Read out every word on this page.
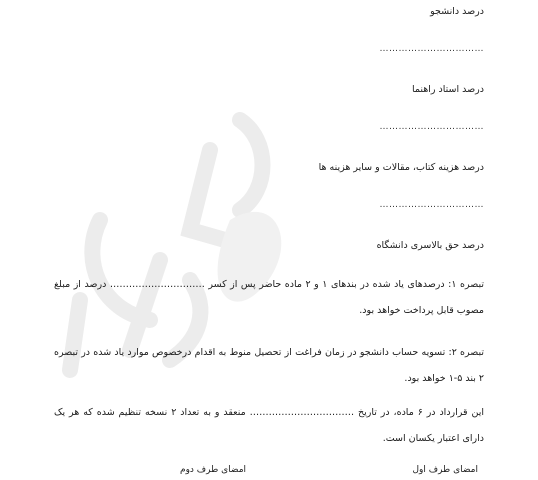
درصد دانشجو
……………………………
درصد استاد راهنما
……………………………
درصد هزینه کتاب، مقالات و سایر هزینه ها
……………………………
درصد حق بالاسری دانشگاه
تبصره ۱: درصدهای یاد شده در بندهای ۱ و ۲ ماده حاضر پس از کسر ………………………… درصد از مبلغ مصوب قابل پرداخت خواهد بود.
تبصره ۲: تسویه حساب دانشجو در زمان فراغت از تحصیل منوط به اقدام درخصوص موارد یاد شده در تبصره ۲ بند ۵-۱ خواهد بود.
این قرارداد در ۶ ماده، در تاریخ …………………………… منعقد و به تعداد ۲ نسخه تنظیم شده که هر یک دارای اعتبار یکسان است.
امضای طرف دوم	امضای طرف اول
